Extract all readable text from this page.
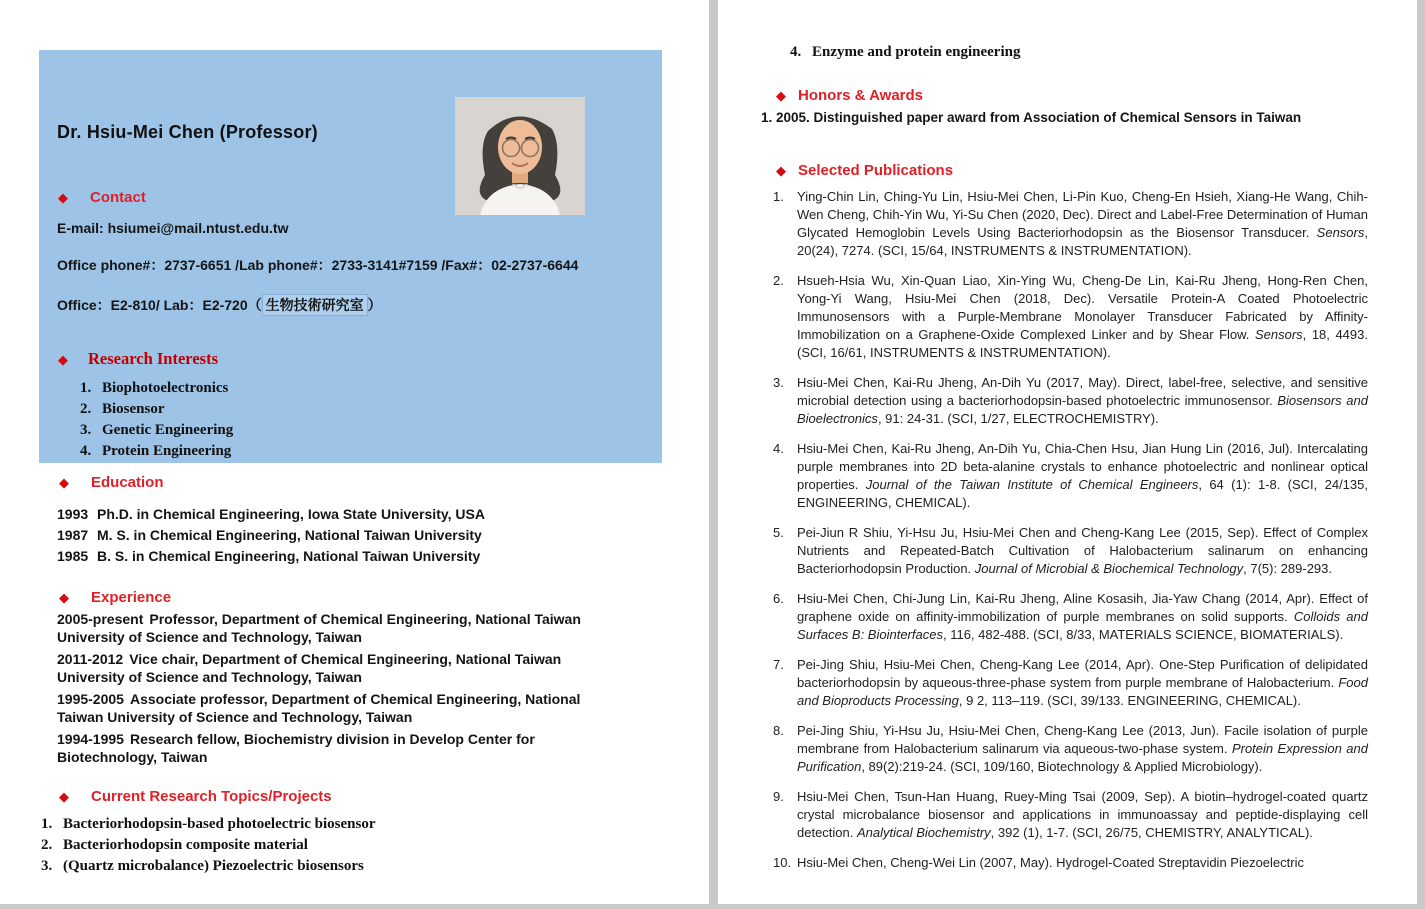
Dr. Hsiu-Mei Chen (Professor)
◆ Contact
E-mail: hsiumei@mail.ntust.edu.tw
Office phone#：2737-6651 /Lab phone#：2733-3141#7159 /Fax#：02-2737-6644
Office：E2-810/ Lab：E2-720（ 生物技術研究室 ）
◆ Research Interests
1. Biophotoelectronics
2. Biosensor
3. Genetic Engineering
4. Protein Engineering
◆ Education
1993 Ph.D. in Chemical Engineering, Iowa State University, USA
1987 M. S. in Chemical Engineering, National Taiwan University
1985 B. S. in Chemical Engineering, National Taiwan University
◆ Experience

2005-present Professor, Department of Chemical Engineering, National Taiwan University of Science and Technology, Taiwan

2011-2012 Vice chair, Department of Chemical Engineering, National Taiwan University of Science and Technology, Taiwan

1995-2005 Associate professor, Department of Chemical Engineering, National Taiwan University of Science and Technology, Taiwan

1994-1995 Research fellow, Biochemistry division in Develop Center for Biotechnology, Taiwan

◆ Current Research Topics/Projects
1. Bacteriorhodopsin-based photoelectric biosensor
2. Bacteriorhodopsin composite material
3. (Quartz microbalance) Piezoelectric biosensors
4. Enzyme and protein engineering
◆ Honors & Awards
1. 2005. Distinguished paper award from Association of Chemical Sensors in Taiwan
◆ Selected Publications
1.	Ying-Chin Lin, Ching-Yu Lin, Hsiu-Mei Chen, Li-Pin Kuo, Cheng-En Hsieh, Xiang-He Wang, Chih-Wen Cheng, Chih-Yin Wu, Yi-Su Chen (2020, Dec). Direct and Label-Free Determination of Human Glycated Hemoglobin Levels Using Bacteriorhodopsin as the Biosensor Transducer. Sensors, 20(24), 7274. (SCI, 15/64, INSTRUMENTS & INSTRUMENTATION).
2.	Hsueh-Hsia Wu, Xin-Quan Liao, Xin-Ying Wu, Cheng-De Lin, Kai-Ru Jheng, Hong-Ren Chen, Yong-Yi Wang, Hsiu-Mei Chen (2018, Dec). Versatile Protein-A Coated Photoelectric Immunosensors with a Purple-Membrane Monolayer Transducer Fabricated by Affinity-Immobilization on a Graphene-Oxide Complexed Linker and by Shear Flow. Sensors, 18, 4493. (SCI, 16/61, INSTRUMENTS & INSTRUMENTATION).
3.	Hsiu-Mei Chen, Kai-Ru Jheng, An-Dih Yu (2017, May). Direct, label-free, selective, and sensitive microbial detection using a bacteriorhodopsin-based photoelectric immunosensor. Biosensors and Bioelectronics, 91: 24-31. (SCI, 1/27, ELECTROCHEMISTRY).
4.	Hsiu-Mei Chen, Kai-Ru Jheng, An-Dih Yu, Chia-Chen Hsu, Jian Hung Lin (2016, Jul). Intercalating purple membranes into 2D beta-alanine crystals to enhance photoelectric and nonlinear optical properties. Journal of the Taiwan Institute of Chemical Engineers, 64 (1): 1-8. (SCI, 24/135, ENGINEERING, CHEMICAL).
5.	Pei-Jiun R Shiu, Yi-Hsu Ju, Hsiu-Mei Chen and Cheng-Kang Lee (2015, Sep). Effect of Complex Nutrients and Repeated-Batch Cultivation of Halobacterium salinarum on enhancing Bacteriorhodopsin Production. Journal of Microbial & Biochemical Technology, 7(5): 289-293.
6.	Hsiu-Mei Chen, Chi-Jung Lin, Kai-Ru Jheng, Aline Kosasih, Jia-Yaw Chang (2014, Apr). Effect of graphene oxide on affinity-immobilization of purple membranes on solid supports. Colloids and Surfaces B: Biointerfaces, 116, 482-488. (SCI, 8/33, MATERIALS SCIENCE, BIOMATERIALS).
7.	Pei-Jing Shiu, Hsiu-Mei Chen, Cheng-Kang Lee (2014, Apr). One-Step Purification of delipidated bacteriorhodopsin by aqueous-three-phase system from purple membrane of Halobacterium. Food and Bioproducts Processing, 9 2, 113–119. (SCI, 39/133. ENGINEERING, CHEMICAL).
8.	Pei-Jing Shiu, Yi-Hsu Ju, Hsiu-Mei Chen, Cheng-Kang Lee (2013, Jun). Facile isolation of purple membrane from Halobacterium salinarum via aqueous-two-phase system. Protein Expression and Purification, 89(2):219-24. (SCI, 109/160, Biotechnology & Applied Microbiology).
9.	Hsiu-Mei Chen, Tsun-Han Huang, Ruey-Ming Tsai (2009, Sep). A biotin–hydrogel-coated quartz crystal microbalance biosensor and applications in immunoassay and peptide-displaying cell detection. Analytical Biochemistry, 392 (1), 1-7. (SCI, 26/75, CHEMISTRY, ANALYTICAL).
10. Hsiu-Mei Chen, Cheng-Wei Lin (2007, May). Hydrogel-Coated Streptavidin Piezoelectric
